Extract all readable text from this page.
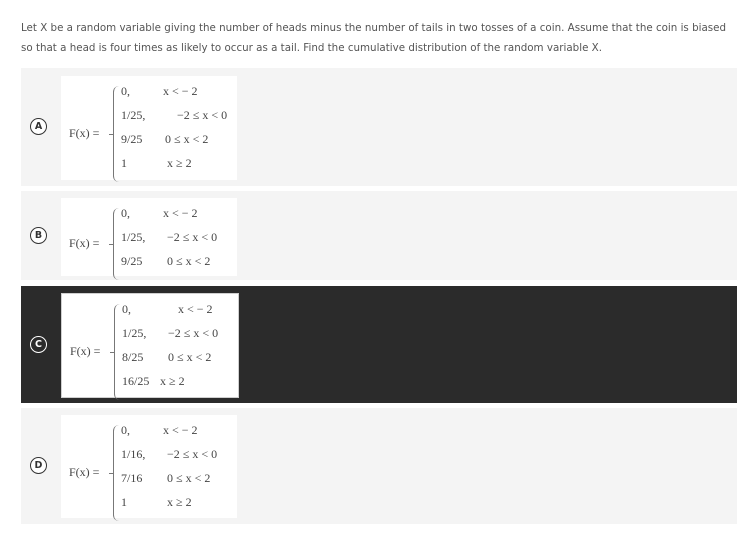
Let X be a random variable giving the number of heads minus the number of tails in two tosses of a coin. Assume that the coin is biased so that a head is four times as likely to occur as a tail. Find the cumulative distribution of the random variable X.
A	F(x) =
0,	x < − 2
1/25,	−2 ≤ x < 0
9/25 0 ≤ x < 2
1	x ≥ 2
B
F(x) =
0,	x < − 2
1/25, −2 ≤ x < 0
9/25 0 ≤ x < 2
C	F(x) =
0,	x < − 2
1/25, −2 ≤ x < 0
8/25 0 ≤ x < 2
16/25 x ≥ 2
D	F(x) =
0,	x < − 2
1/16, −2 ≤ x < 0
7/16 0 ≤ x < 2
1	x ≥ 2
